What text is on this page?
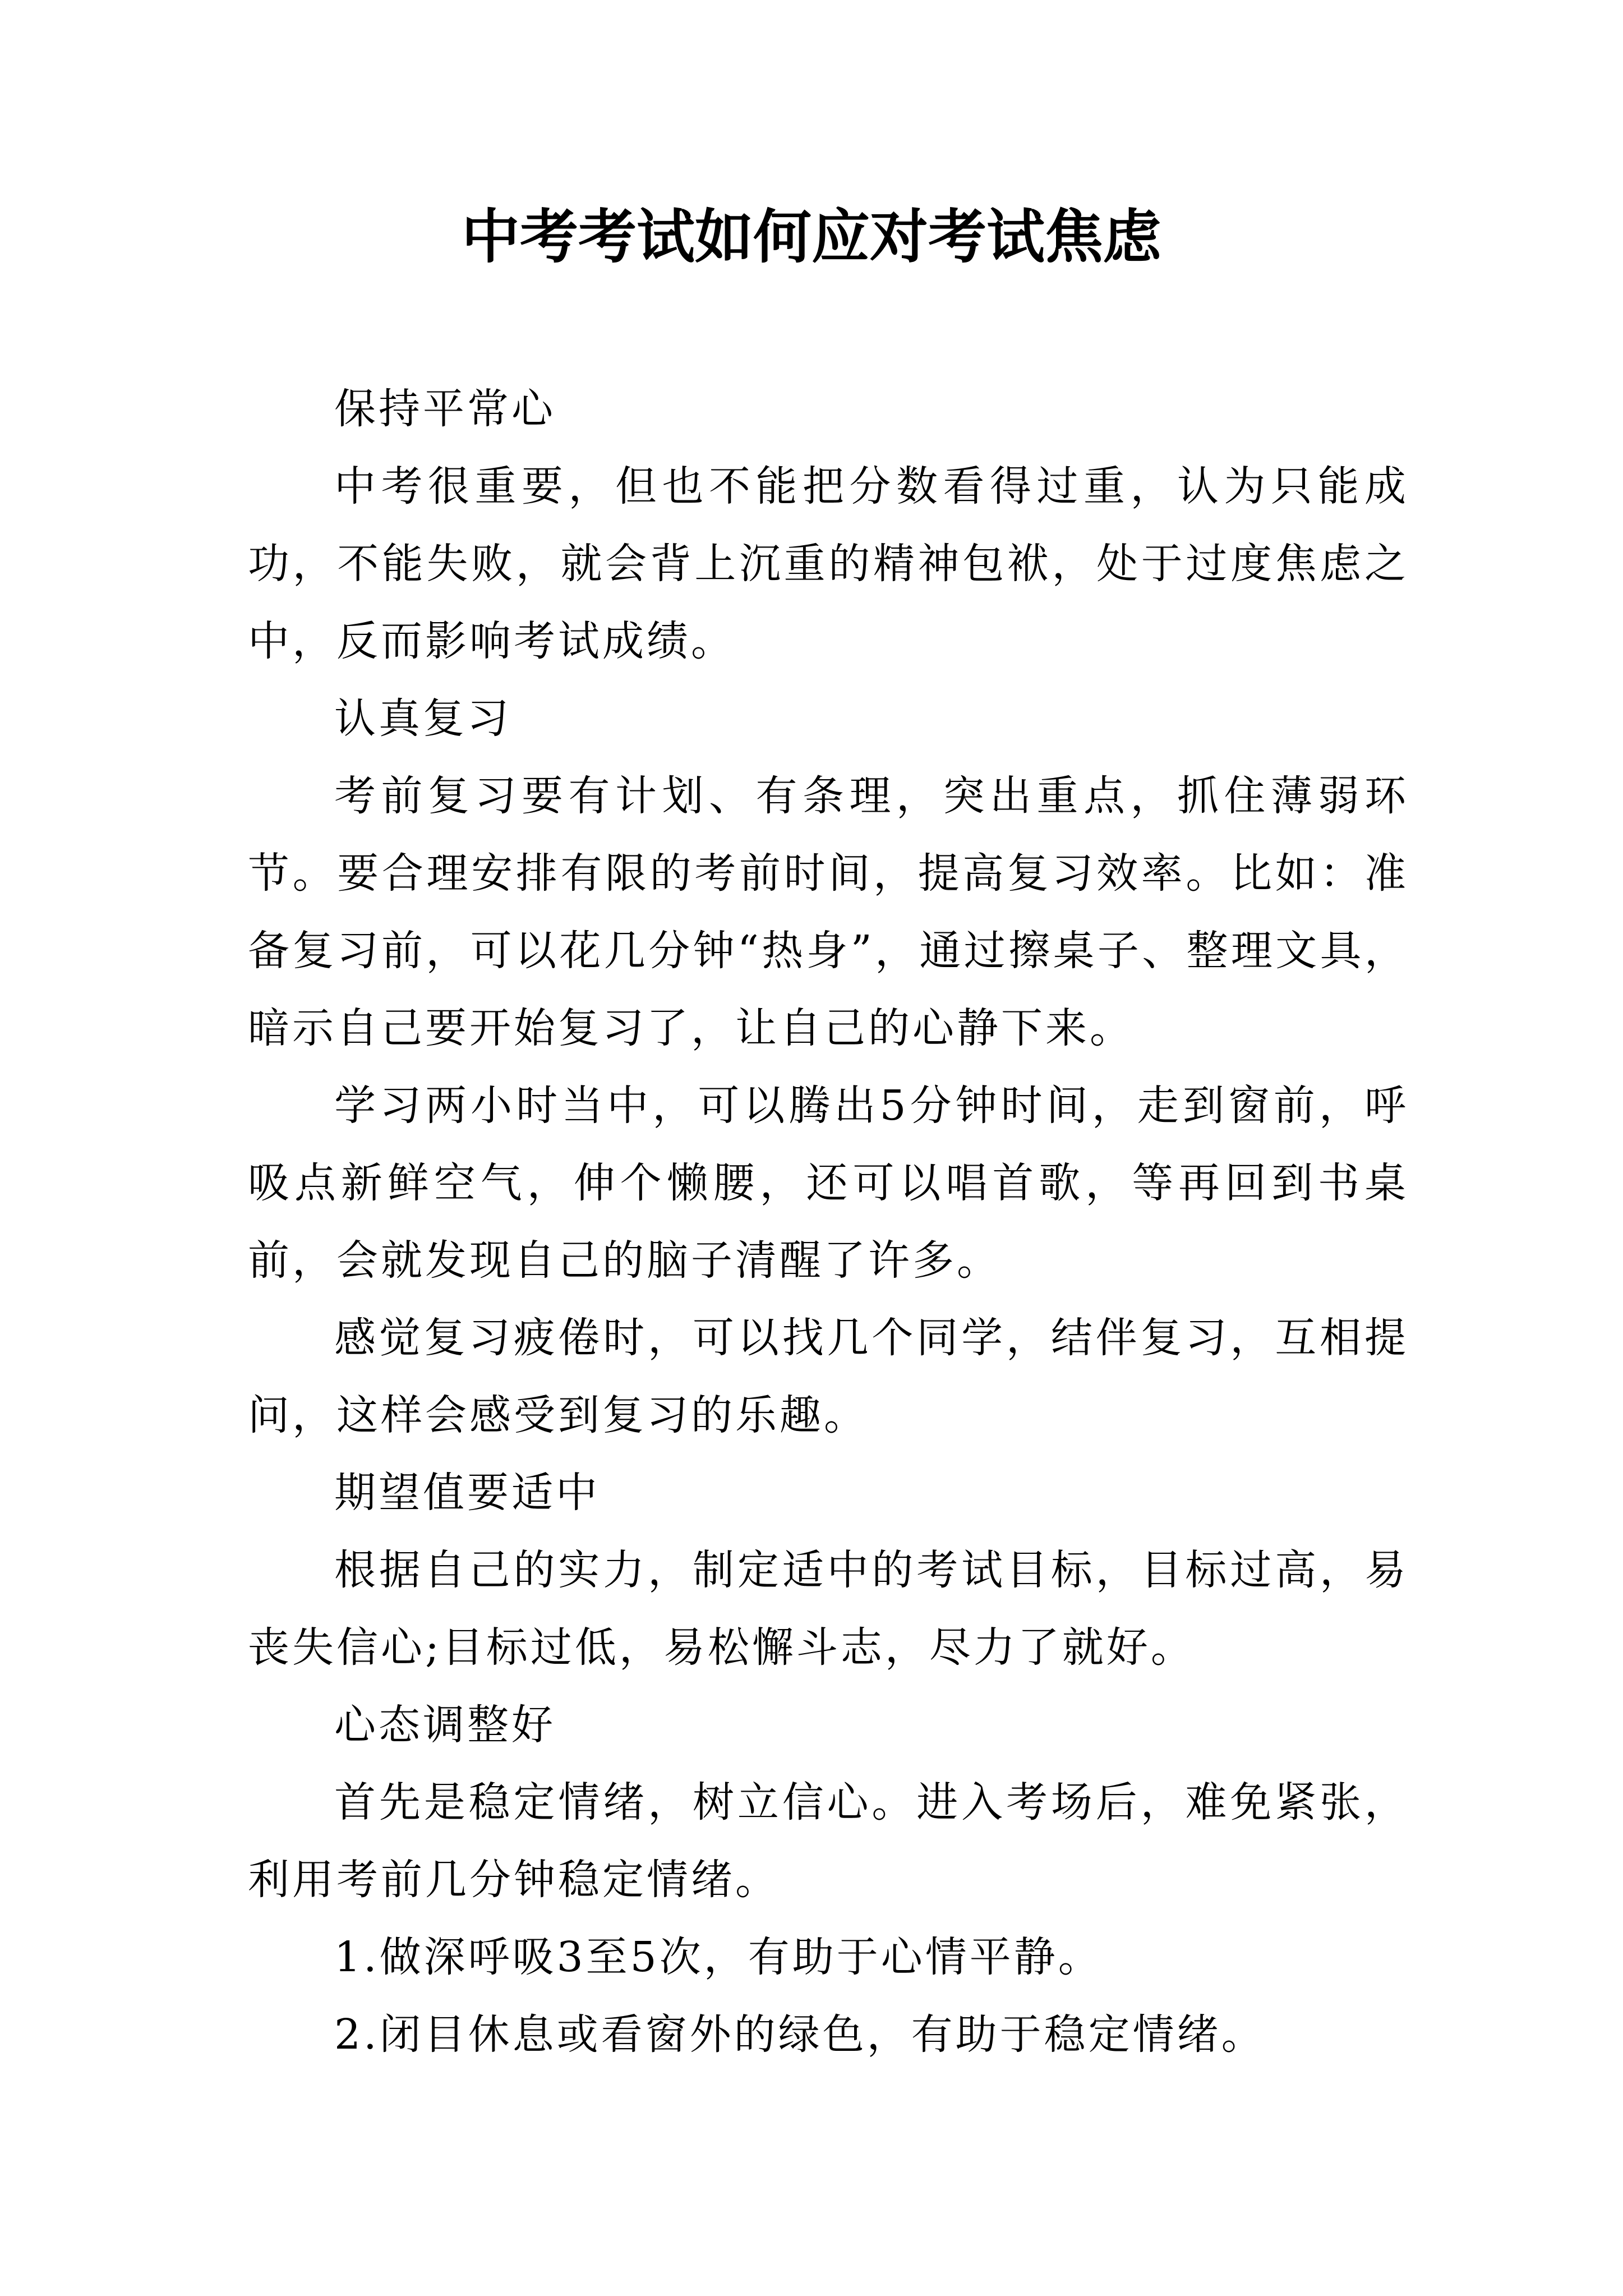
中考考试如何应对考试焦虑

保持平常心

中考很重要，但也不能把分数看得过重，认为只能成功，不能失败，就会背上沉重的精神包袱，处于过度焦虑之中，反而影响考试成绩。

认真复习

考前复习要有计划、有条理，突出重点，抓住薄弱环节。要合理安排有限的考前时间，提高复习效率。比如：准备复习前，可以花几分钟“热身”，通过擦桌子、整理文具，暗示自己要开始复习了，让自己的心静下来。

学习两小时当中，可以腾出5分钟时间，走到窗前，呼吸点新鲜空气，伸个懒腰，还可以唱首歌，等再回到书桌前，会就发现自己的脑子清醒了许多。

感觉复习疲倦时，可以找几个同学，结伴复习，互相提问，这样会感受到复习的乐趣。

期望值要适中

根据自己的实力，制定适中的考试目标，目标过高，易丧失信心;目标过低，易松懈斗志，尽力了就好。

心态调整好

首先是稳定情绪，树立信心。进入考场后，难免紧张，利用考前几分钟稳定情绪。

1.做深呼吸3至5次，有助于心情平静。

2.闭目休息或看窗外的绿色，有助于稳定情绪。
